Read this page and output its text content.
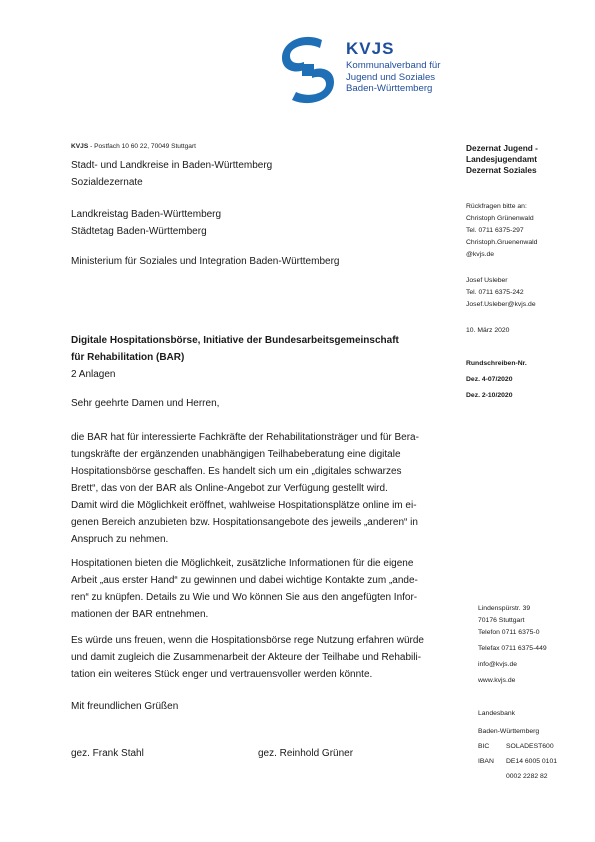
KVJS
Kommunalverband für
Jugend und Soziales
Baden-Württemberg
KVJS - Postfach 10 60 22, 70049 Stuttgart
Stadt- und Landkreise in Baden-Württemberg
Sozialdezernate
Landkreistag Baden-Württemberg
Städtetag Baden-Württemberg
Ministerium für Soziales und Integration Baden-Württemberg
Digitale Hospitationsbörse, Initiative der Bundesarbeitsgemeinschaft
für Rehabilitation (BAR)
2 Anlagen
Sehr geehrte Damen und Herren,
die BAR hat für interessierte Fachkräfte der Rehabilitationsträger und für Bera-
tungskräfte der ergänzenden unabhängigen Teilhabeberatung eine digitale
Hospitationsbörse geschaffen. Es handelt sich um ein „digitales schwarzes
Brett“, das von der BAR als Online-Angebot zur Verfügung gestellt wird.
Damit wird die Möglichkeit eröffnet, wahlweise Hospitationsplätze online im ei-
genen Bereich anzubieten bzw. Hospitationsangebote des jeweils „anderen“ in
Anspruch zu nehmen.
Hospitationen bieten die Möglichkeit, zusätzliche Informationen für die eigene
Arbeit „aus erster Hand“ zu gewinnen und dabei wichtige Kontakte zum „ande-
ren“ zu knüpfen. Details zu Wie und Wo können Sie aus den angefügten Infor-
mationen der BAR entnehmen.
Es würde uns freuen, wenn die Hospitationsbörse rege Nutzung erfahren würde
und damit zugleich die Zusammenarbeit der Akteure der Teilhabe und Rehabili-
tation ein weiteres Stück enger und vertrauensvoller werden könnte.
Mit freundlichen Grüßen
gez. Frank Stahl	gez. Reinhold Grüner
Dezernat Jugend -
Landesjugendamt
Dezernat Soziales
Rückfragen bitte an:
Christoph Grünenwald
Tel. 0711 6375-297
Christoph.Gruenenwald
@kvjs.de
Josef Usleber
Tel. 0711 6375-242
Josef.Usleber@kvjs.de
10. März 2020
Rundschreiben-Nr.
Dez. 4-07/2020
Dez. 2-10/2020
Lindenspürstr. 39
70176 Stuttgart
Telefon 0711 6375-0
Telefax 0711 6375-449
info@kvjs.de
www.kvjs.de
Landesbank
Baden-Württemberg
BIC	SOLADEST600
IBAN	DE14 6005 0101
0002 2282 82
